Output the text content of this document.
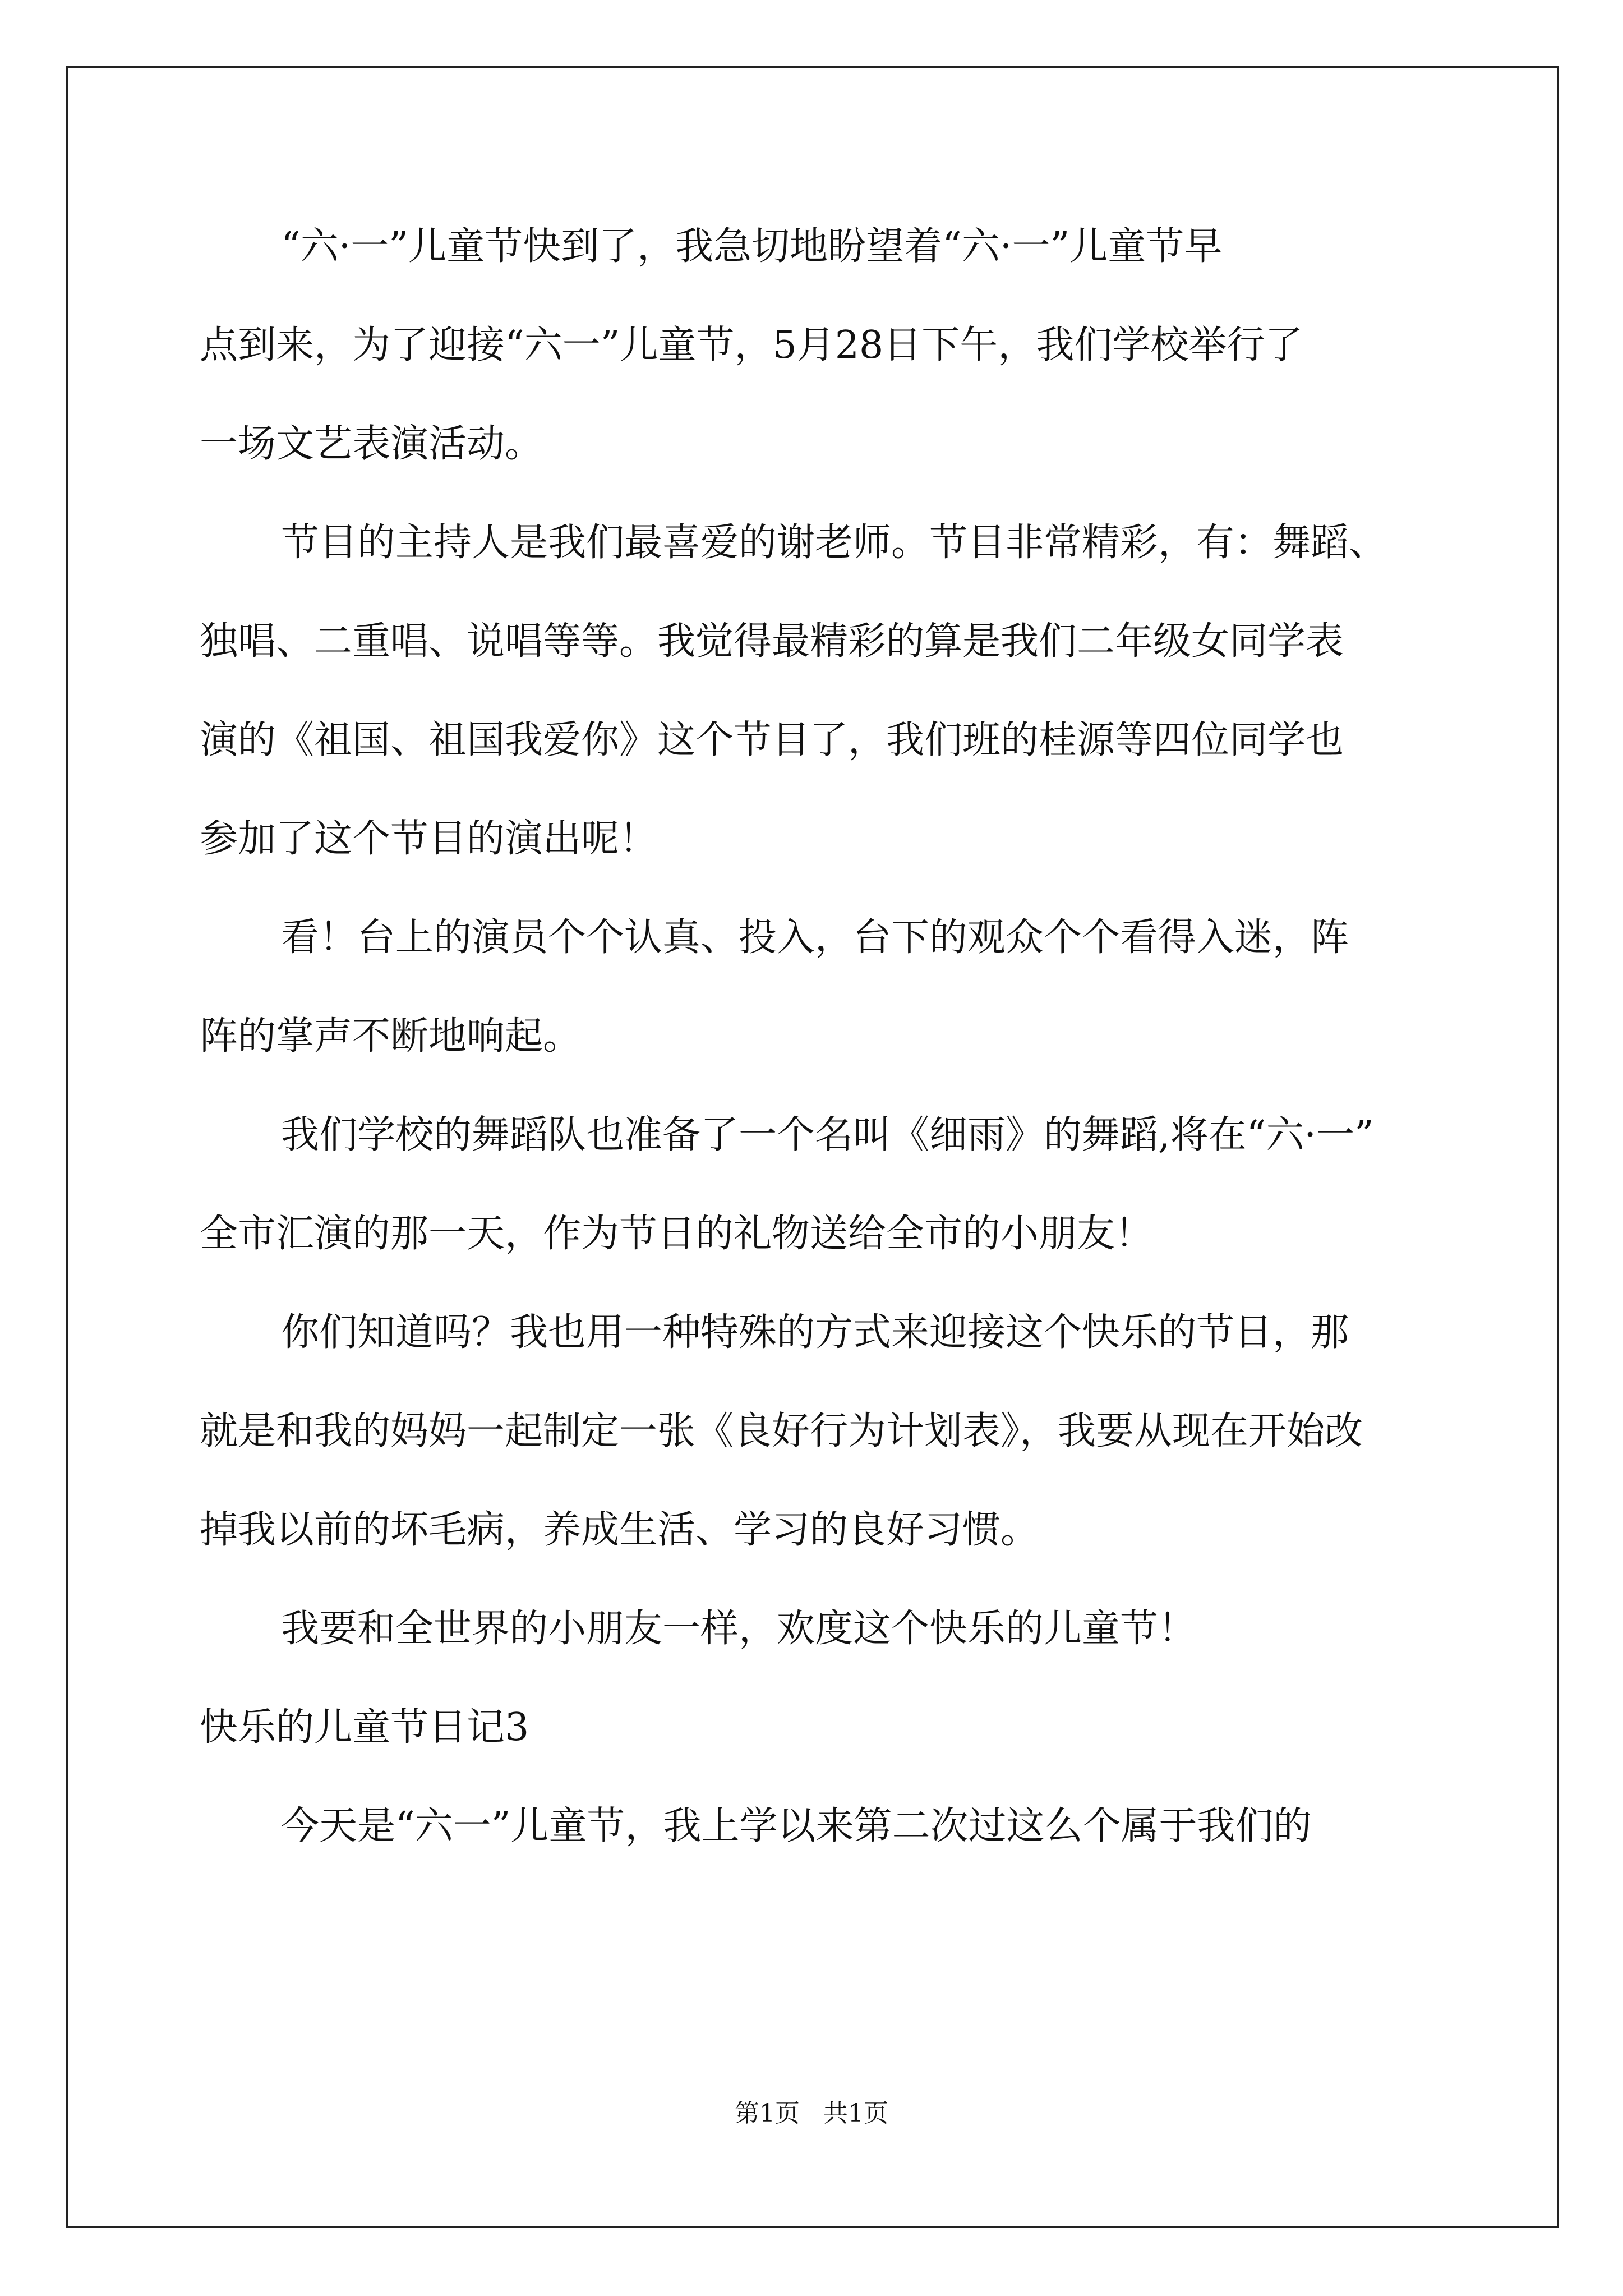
“六·一”儿童节快到了，我急切地盼望着“六·一”儿童节早
点到来，为了迎接“六一”儿童节，5月28日下午，我们学校举行了
一场文艺表演活动。
节目的主持人是我们最喜爱的谢老师。节目非常精彩，有：舞蹈、
独唱、二重唱、说唱等等。我觉得最精彩的算是我们二年级女同学表
演的《祖国、祖国我爱你》这个节目了，我们班的桂源等四位同学也
参加了这个节目的演出呢！
看！台上的演员个个认真、投入，台下的观众个个看得入迷，阵
阵的掌声不断地响起。
我们学校的舞蹈队也准备了一个名叫《细雨》的舞蹈,将在“六·一”
全市汇演的那一天，作为节日的礼物送给全市的小朋友！
你们知道吗？我也用一种特殊的方式来迎接这个快乐的节日，那
就是和我的妈妈一起制定一张《良好行为计划表》，我要从现在开始改
掉我以前的坏毛病，养成生活、学习的良好习惯。
我要和全世界的小朋友一样，欢度这个快乐的儿童节！
快乐的儿童节日记3
今天是“六一”儿童节，我上学以来第二次过这么个属于我们的
第1页   共1页
